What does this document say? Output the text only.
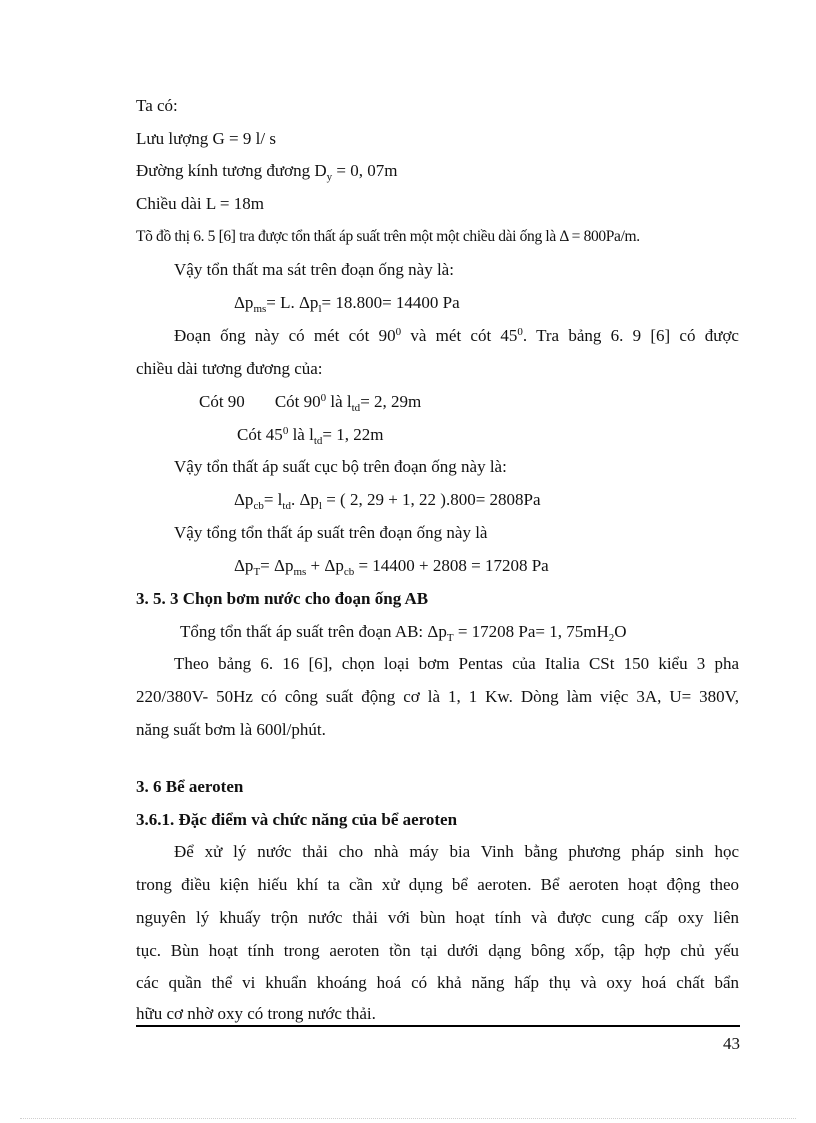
Ta có:
Lưu lượng G = 9 l/ s
Đường kính tương đương $D_y = 0$, 07m
Chiều dài L = 18m
Tõ đồ thị 6. 5 [6] tra được tổn thất áp suất trên một một chiều dài ống là Δ = 800Pa/m.
Vậy tổn thất ma sát trên đoạn ống này là:
$\Delta p_{ms}= L$. $\Delta p_l= 18.800= 14400$ Pa
Đoạn ống này có mét cót $90^0$ và mét cót $45^0$. Tra bảng 6. 9 [6] có được
chiều dài tương đương của:
Cót 90 Cót $90^0$ là $l_{td}= 2$, 29m
Cót $45^0$ là $l_{td}= 1$, 22m
Vậy tổn thất áp suất cục bộ trên đoạn ống này là:
$\Delta p_{cb}= l_{td}$. $\Delta p_l$ = ( 2, 29 + 1, 22 ).800= 2808Pa
Vậy tổng tổn thất áp suất trên đoạn ống này là
$\Delta p_T= \Delta p_{ms} + \Delta p_{cb} = 14400 + 2808 = 17208$ Pa
3. 5. 3 Chọn bơm nước cho đoạn ống AB
Tổng tổn thất áp suất trên đoạn AB: $\Delta p_T = 17208$ Pa= 1, $75mH_2O$
Theo bảng 6. 16 [6], chọn loại bơm Pentas của Italia CSt 150 kiểu 3 pha
220/380V- 50Hz có công suất động cơ là 1, 1 Kw. Dòng làm việc 3A, U= 380V,
năng suất bơm là 600l/phút.
3. 6 Bể aeroten
3.6.1. Đặc điểm và chức năng của bể aeroten
Để xử lý nước thải cho nhà máy bia Vinh bằng phương pháp sinh học
trong điều kiện hiếu khí ta cần xử dụng bể aeroten. Bể aeroten hoạt động theo
nguyên lý khuấy trộn nước thải với bùn hoạt tính và được cung cấp oxy liên
tục. Bùn hoạt tính trong aeroten tồn tại dưới dạng bông xốp, tập hợp chủ yếu
các quần thể vi khuẩn khoáng hoá có khả năng hấp thụ và oxy hoá chất bẩn
hữu cơ nhờ oxy có trong nước thải.
43
